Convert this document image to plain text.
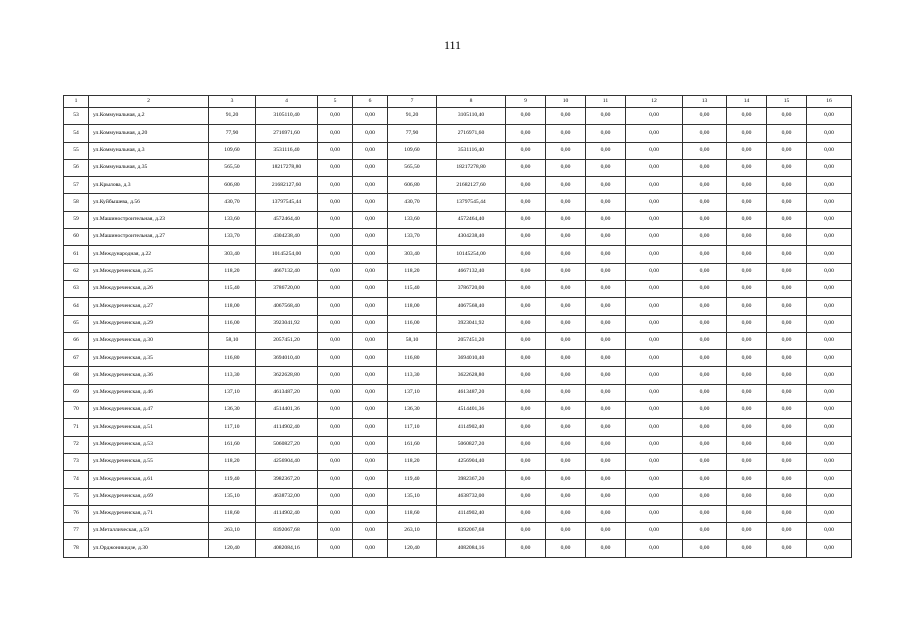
111
1	2	3	4	5	6	7	8	9	10	11	12	13	14	15	16
53	ул.Коммунальная, д.2	91,20	3105110,40	0,00	0,00	91,20	3105110,40	0,00	0,00	0,00	0,00	0,00	0,00	0,00	0,00
54	ул.Коммунальная, д.20	77,90	2716971,60	0,00	0,00	77,90	2716971,60	0,00	0,00	0,00	0,00	0,00	0,00	0,00	0,00
55	ул.Коммунальная, д.3	109,60	3531116,40	0,00	0,00	109,60	3531116,40	0,00	0,00	0,00	0,00	0,00	0,00	0,00	0,00
56	ул.Коммунальная, д.35	565,50	18217278,80	0,00	0,00	565,50	18217278,80	0,00	0,00	0,00	0,00	0,00	0,00	0,00	0,00
57	ул.Крылова, д.3	606,80	21682127,60	0,00	0,00	606,80	21682127,60	0,00	0,00	0,00	0,00	0,00	0,00	0,00	0,00
58	ул.Куйбышева, д.56	430,70	13797545,44	0,00	0,00	430,70	13797545,44	0,00	0,00	0,00	0,00	0,00	0,00	0,00	0,00
59	ул.Машиностроительная, д.23	133,60	4572464,40	0,00	0,00	133,60	4572464,40	0,00	0,00	0,00	0,00	0,00	0,00	0,00	0,00
60	ул.Машиностроительная, д.27	133,70	4304238,40	0,00	0,00	133,70	4304238,40	0,00	0,00	0,00	0,00	0,00	0,00	0,00	0,00
61	ул.Международная, д.22	303,40	10145254,00	0,00	0,00	303,40	10145254,00	0,00	0,00	0,00	0,00	0,00	0,00	0,00	0,00
62	ул.Междуреченская, д.25	118,20	4667132,40	0,00	0,00	118,20	4667132,40	0,00	0,00	0,00	0,00	0,00	0,00	0,00	0,00
63	ул.Междуреченская, д.26	115,40	3786720,00	0,00	0,00	115,40	3786720,00	0,00	0,00	0,00	0,00	0,00	0,00	0,00	0,00
64	ул.Междуреченская, д.27	118,00	4067568,40	0,00	0,00	118,00	4067568,40	0,00	0,00	0,00	0,00	0,00	0,00	0,00	0,00
65	ул.Междуреченская, д.29	116,00	3923041,92	0,00	0,00	116,00	3923041,92	0,00	0,00	0,00	0,00	0,00	0,00	0,00	0,00
66	ул.Междуреченская, д.30	58,10	2057451,20	0,00	0,00	58,10	2057451,20	0,00	0,00	0,00	0,00	0,00	0,00	0,00	0,00
67	ул.Междуреченская, д.35	116,80	3694010,40	0,00	0,00	116,80	3694010,40	0,00	0,00	0,00	0,00	0,00	0,00	0,00	0,00
68	ул.Междуреченская, д.36	113,30	3622628,80	0,00	0,00	113,30	3622628,80	0,00	0,00	0,00	0,00	0,00	0,00	0,00	0,00
69	ул.Междуреченская, д.46	137,10	4613487,20	0,00	0,00	137,10	4613487,20	0,00	0,00	0,00	0,00	0,00	0,00	0,00	0,00
70	ул.Междуреченская, д.47	136,30	4514401,36	0,00	0,00	136,30	4514401,36	0,00	0,00	0,00	0,00	0,00	0,00	0,00	0,00
71	ул.Междуреченская, д.51	117,10	4114902,40	0,00	0,00	117,10	4114902,40	0,00	0,00	0,00	0,00	0,00	0,00	0,00	0,00
72	ул.Междуреченская, д.53	161,60	5060827,20	0,00	0,00	161,60	5060827,20	0,00	0,00	0,00	0,00	0,00	0,00	0,00	0,00
73	ул.Междуреченская, д.55	118,20	4256904,40	0,00	0,00	118,20	4256904,40	0,00	0,00	0,00	0,00	0,00	0,00	0,00	0,00
74	ул.Междуреченская, д.61	119,40	3982367,20	0,00	0,00	119,40	3982367,20	0,00	0,00	0,00	0,00	0,00	0,00	0,00	0,00
75	ул.Междуреченская, д.69	135,10	4638732,00	0,00	0,00	135,10	4638732,00	0,00	0,00	0,00	0,00	0,00	0,00	0,00	0,00
76	ул.Междуреченская, д.71	118,60	4114902,40	0,00	0,00	118,60	4114902,40	0,00	0,00	0,00	0,00	0,00	0,00	0,00	0,00
77	ул.Металлическая, д.59	263,10	8392067,68	0,00	0,00	263,10	8392067,68	0,00	0,00	0,00	0,00	0,00	0,00	0,00	0,00
78	ул.Орджоникидзе, д.30	120,40	4082084,16	0,00	0,00	120,40	4082084,16	0,00	0,00	0,00	0,00	0,00	0,00	0,00	0,00
